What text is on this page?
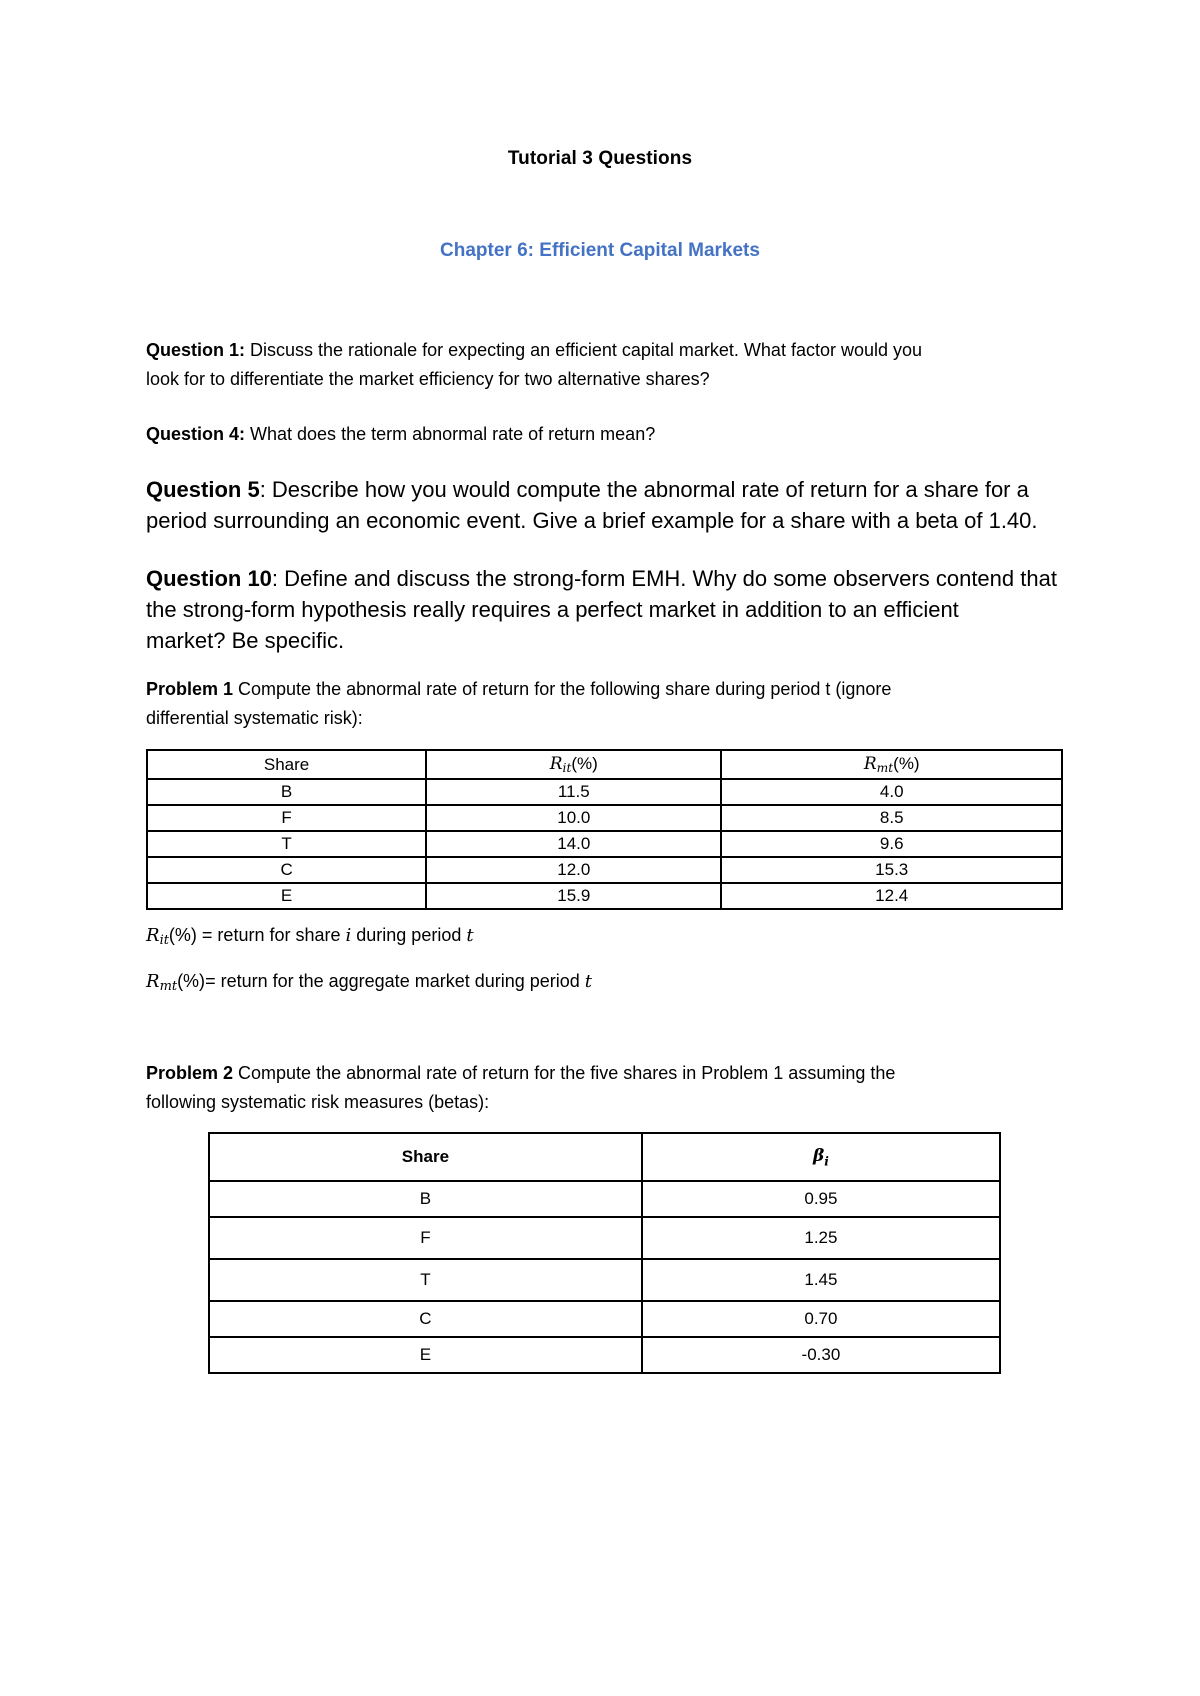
Tutorial 3 Questions
Chapter 6: Efficient Capital Markets

Question 1: Discuss the rationale for expecting an efficient capital market. What factor would you
look for to differentiate the market efficiency for two alternative shares?

Question 4: What does the term abnormal rate of return mean?

Question 5: Describe how you would compute the abnormal rate of return for a share for a
period surrounding an economic event. Give a brief example for a share with a beta of 1.40.

Question 10: Define and discuss the strong-form EMH. Why do some observers contend that
the strong-form hypothesis really requires a perfect market in addition to an efficient
market? Be specific.

Problem 1 Compute the abnormal rate of return for the following share during period t (ignore
differential systematic risk):

Share	$R_{it}(\%)$	$R_{mt}(\%)$
B	11.5	4.0
F	10.0	8.5
T	14.0	9.6
C	12.0	15.3
E	15.9	12.4

$R_{it}(\%)$ = return for share i during period t

$R_{mt}(\%)=$ return for the aggregate market during period t

Problem 2 Compute the abnormal rate of return for the five shares in Problem 1 assuming the
following systematic risk measures (betas):

Share	$\beta_i$
B	0.95
F	1.25
T	1.45
C	0.70
E	-0.30
